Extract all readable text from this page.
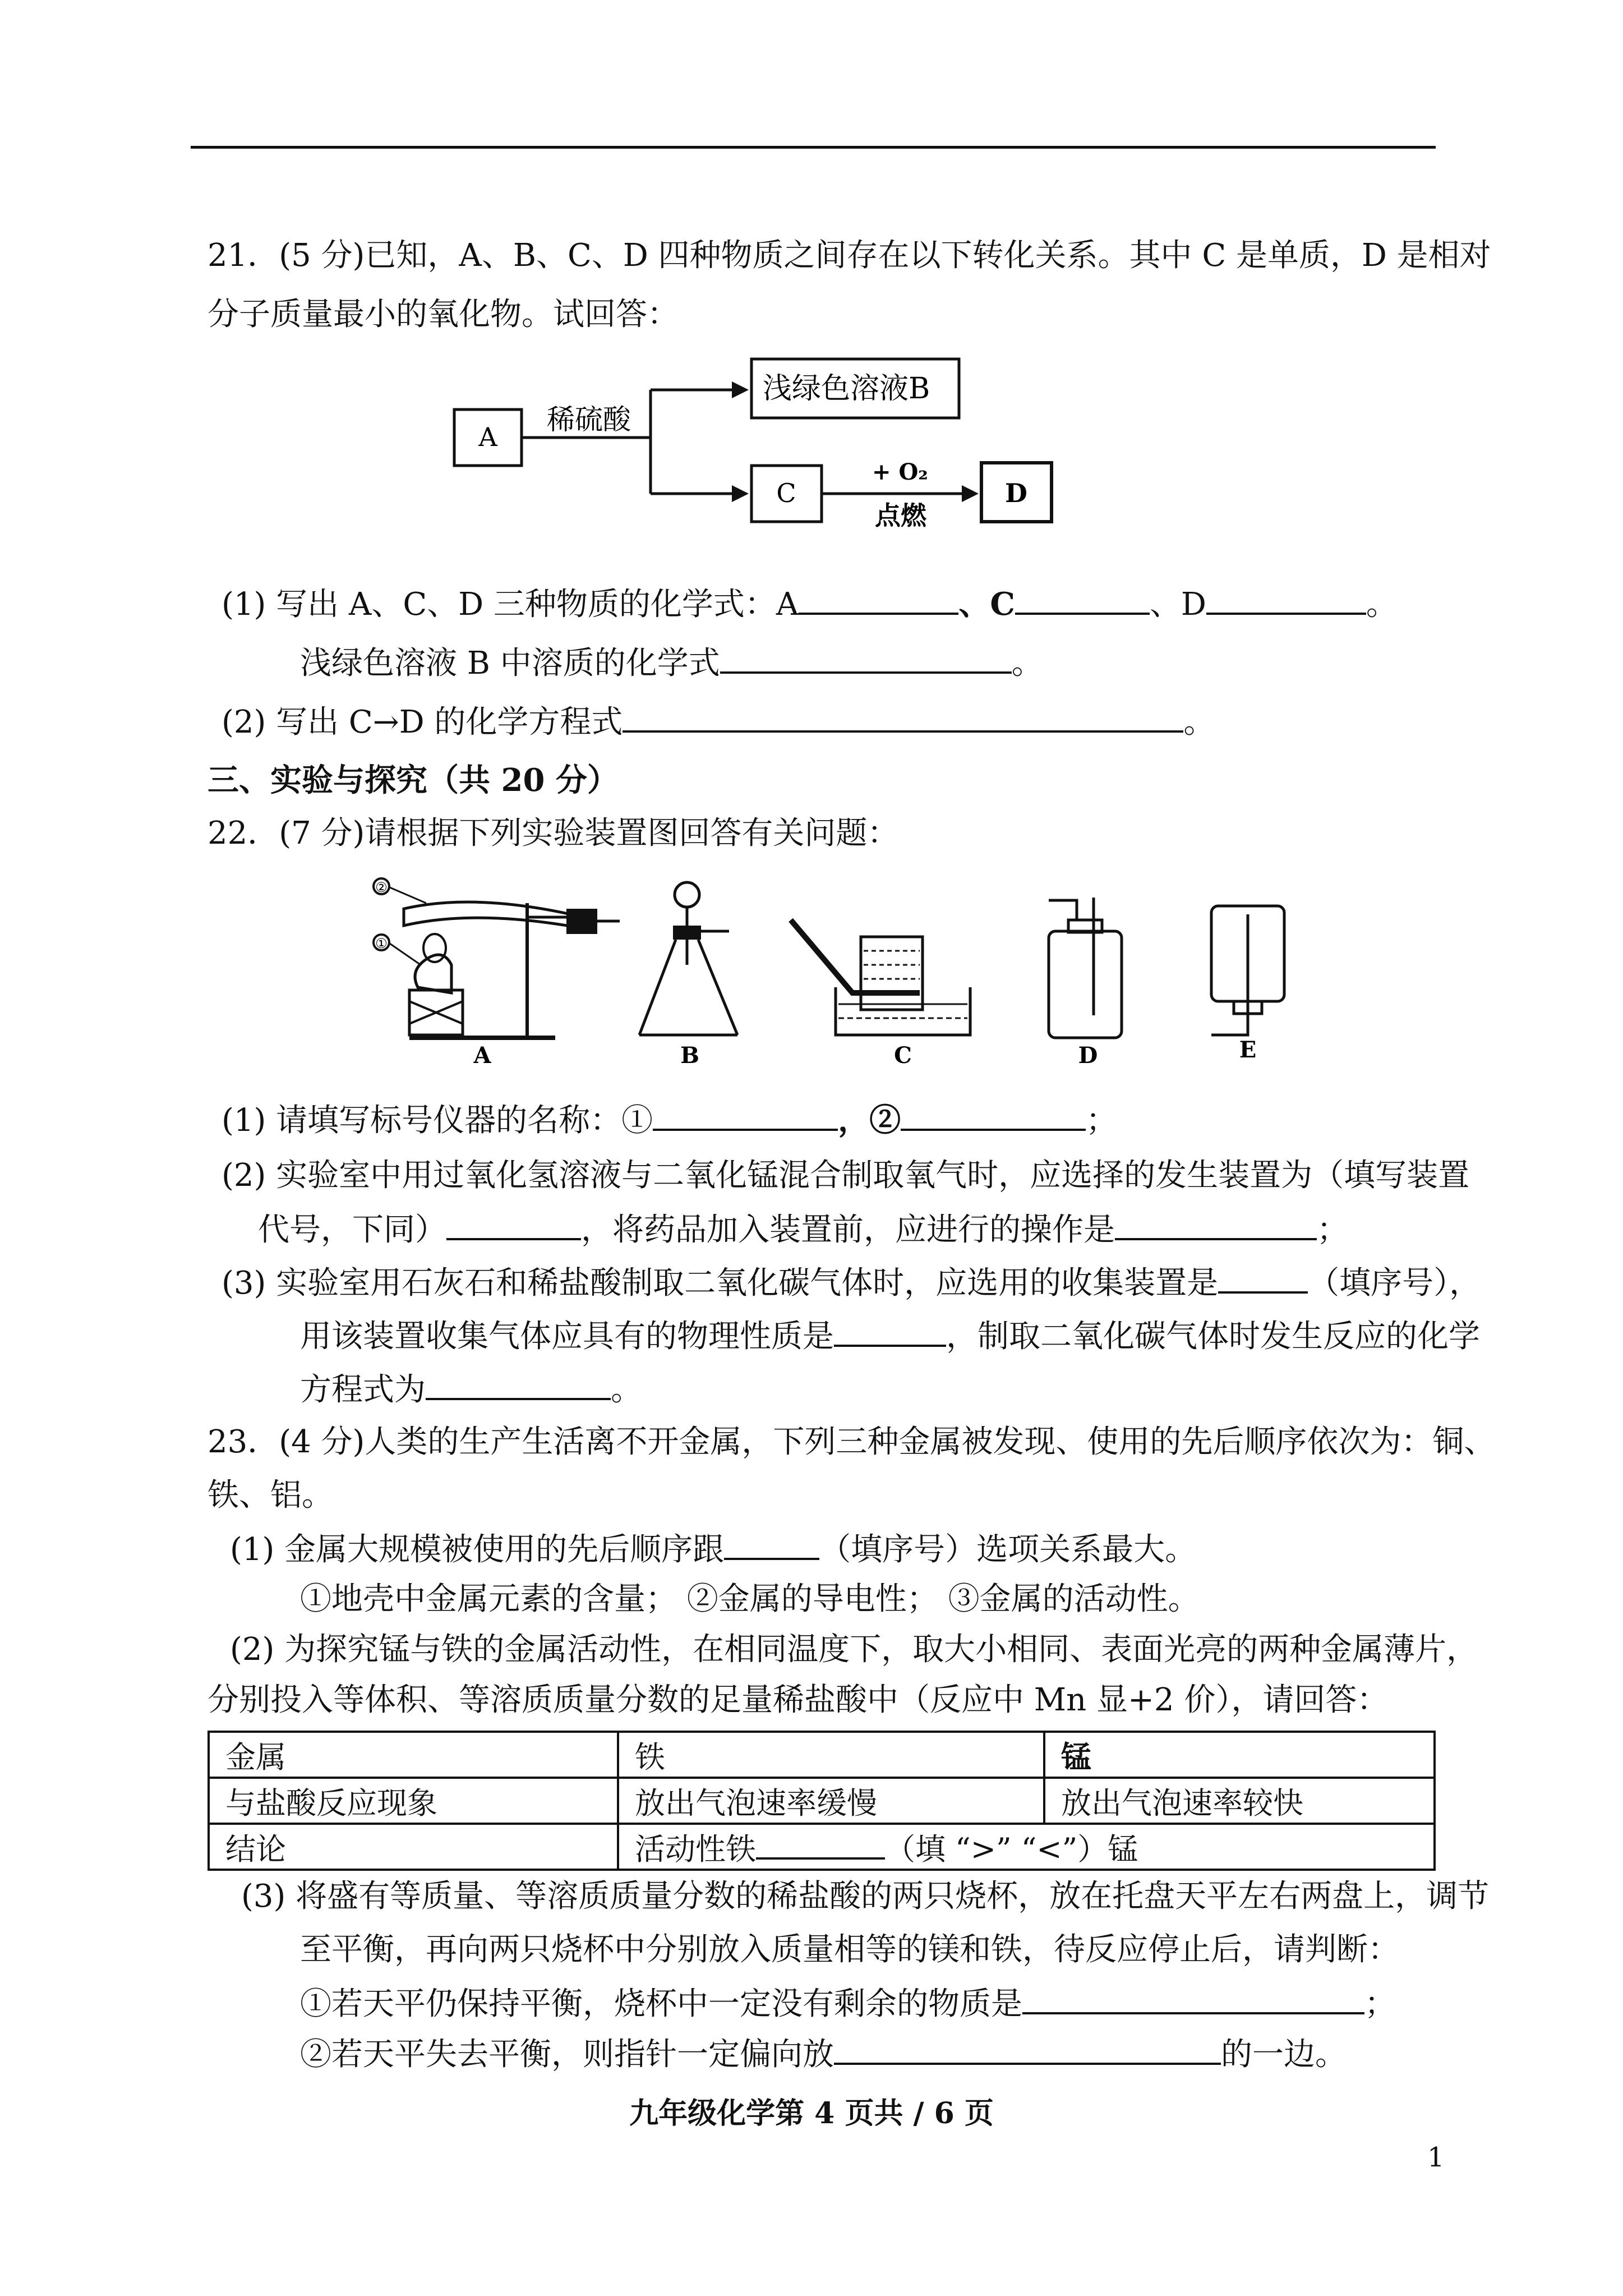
21．(5 分)已知，A、B、C、D 四种物质之间存在以下转化关系。其中 C 是单质，D 是相对
分子质量最小的氧化物。试回答：
A
稀硫酸
浅绿色溶液B
C
+ O₂
点燃
D
(1) 写出 A、C、D 三种物质的化学式：A	、C	、D	。
浅绿色溶液 B 中溶质的化学式	。
(2) 写出 C→D 的化学方程式	。
三、实验与探究（共 20 分）
22．(7 分)请根据下列实验装置图回答有关问题：
②
①
A	B	C	D	E
(1) 请填写标号仪器的名称：①	，②	；
(2) 实验室中用过氧化氢溶液与二氧化锰混合制取氧气时，应选择的发生装置为（填写装置
代号，下同）	，将药品加入装置前，应进行的操作是	；
(3) 实验室用石灰石和稀盐酸制取二氧化碳气体时，应选用的收集装置是	（填序号），
用该装置收集气体应具有的物理性质是	，制取二氧化碳气体时发生反应的化学
方程式为	。
23．(4 分)人类的生产生活离不开金属，下列三种金属被发现、使用的先后顺序依次为：铜、
铁、铝。
(1) 金属大规模被使用的先后顺序跟	（填序号）选项关系最大。
①地壳中金属元素的含量； ②金属的导电性； ③金属的活动性。
(2) 为探究锰与铁的金属活动性，在相同温度下，取大小相同、表面光亮的两种金属薄片，
分别投入等体积、等溶质质量分数的足量稀盐酸中（反应中 Mn 显+2 价），请回答：
金属	铁	锰
与盐酸反应现象	放出气泡速率缓慢	放出气泡速率较快
结论	活动性铁 （填 “>” “<”）锰	
(3) 将盛有等质量、等溶质质量分数的稀盐酸的两只烧杯，放在托盘天平左右两盘上，调节
至平衡，再向两只烧杯中分别放入质量相等的镁和铁，待反应停止后，请判断：
①若天平仍保持平衡，烧杯中一定没有剩余的物质是	；
②若天平失去平衡，则指针一定偏向放	的一边。
九年级化学第 4 页共 / 6 页
1
